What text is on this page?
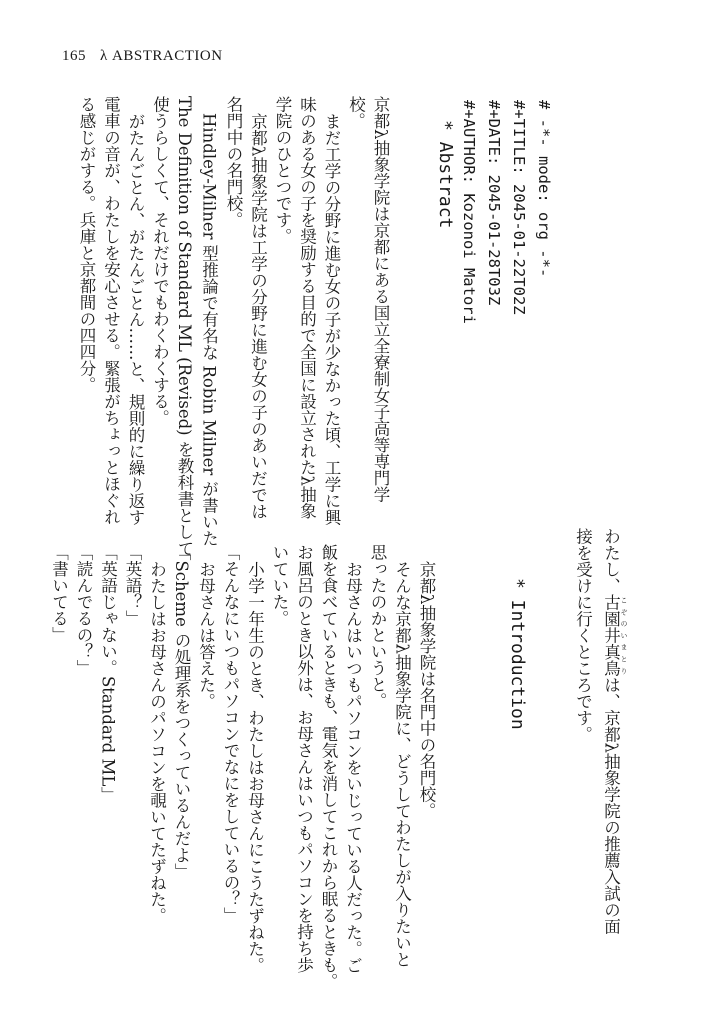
165 λ ABSTRACTION
# -*- mode: org -*-
#+TITLE: 2045-01-22T02Z
#+DATE: 2045-01-28T03Z
#+AUTHOR: Kozonoi Matori
* Abstract
京都λ抽象学院は京都にある国立全寮制女子高等専門学
校。
まだ工学の分野に進む女の子が少なかった頃、工学に興
味のある女の子を奨励する目的で全国に設立されたλ抽象
学院のひとつです。
京都λ抽象学院は工学の分野に進む女の子のあいだでは
名門中の名門校。
Hindley-Milner 型推論で有名な Robin Milner が書いた
The Definition of Standard ML (Revised) を教科書として
使うらしくて、それだけでもわくわくする。
がたんごとん、がたんごとん……と、規則的に繰り返す
電車の音が、わたしを安心させる。緊張がちょっとほぐれ
る感じがする。兵庫と京都間の四四分。
わたし、古園井真鳥 こぞのいまとりは、京都λ抽象学院の推薦入試の面
接を受けに行くところです。
* Introduction
京都λ抽象学院は名門中の名門校。
そんな京都λ抽象学院に、どうしてわたしが入りたいと
思ったのかというと。
お母さんはいつもパソコンをいじっている人だった。ご
飯を食べているときも、電気を消してこれから眠るときも。
お風呂のとき以外は、お母さんはいつもパソコンを持ち歩
いていた。
小学一年生のとき、わたしはお母さんにこうたずねた。
「そんなにいつもパソコンでなにをしているの？」
お母さんは答えた。
「Scheme の処理系をつくっているんだよ」
わたしはお母さんのパソコンを覗いてたずねた。
「英語？」
「英語じゃない。Standard ML」
「読んでるの？」
「書いてる」
